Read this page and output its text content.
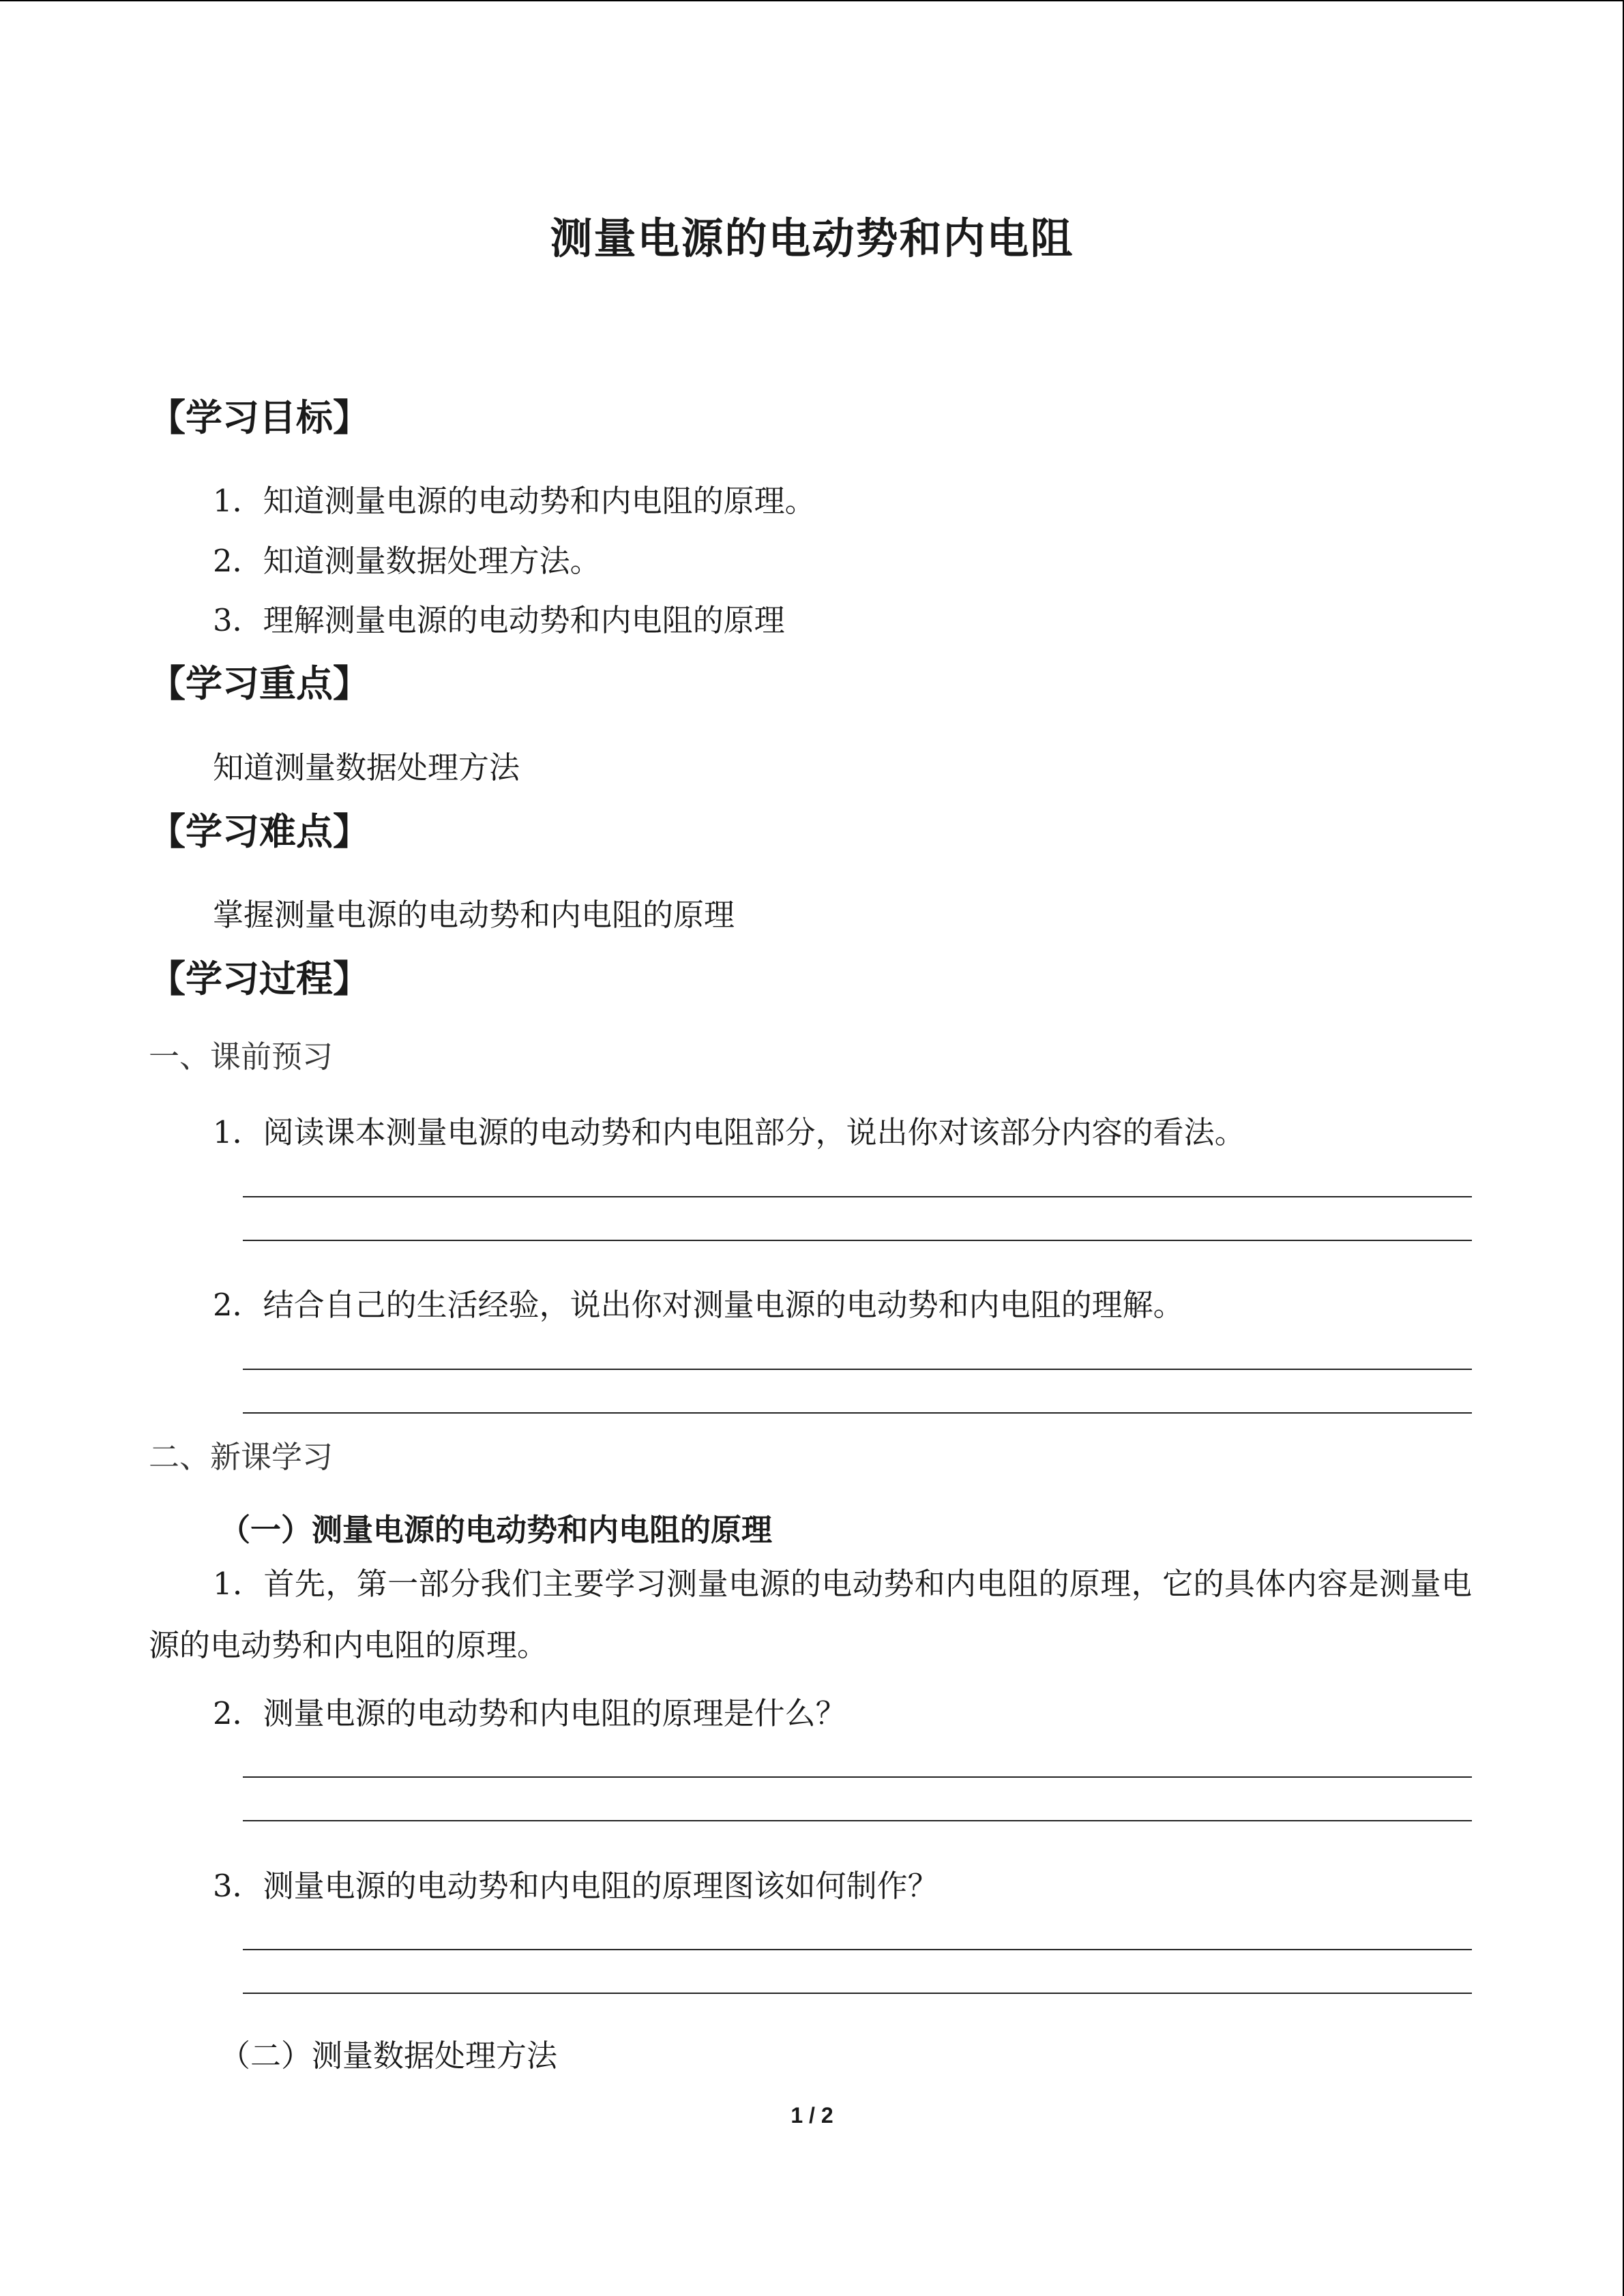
测量电源的电动势和内电阻
【学习目标】
1．知道测量电源的电动势和内电阻的原理。
2．知道测量数据处理方法。
3．理解测量电源的电动势和内电阻的原理
【学习重点】
知道测量数据处理方法
【学习难点】
掌握测量电源的电动势和内电阻的原理
【学习过程】
一、课前预习
1．阅读课本测量电源的电动势和内电阻部分，说出你对该部分内容的看法。
2．结合自己的生活经验，说出你对测量电源的电动势和内电阻的理解。
二、新课学习
（一）测量电源的电动势和内电阻的原理
1．首先，第一部分我们主要学习测量电源的电动势和内电阻的原理，它的具体内容是测量电源的电动势和内电阻的原理。
2．测量电源的电动势和内电阻的原理是什么？
3．测量电源的电动势和内电阻的原理图该如何制作？
（二）测量数据处理方法
1 / 2
